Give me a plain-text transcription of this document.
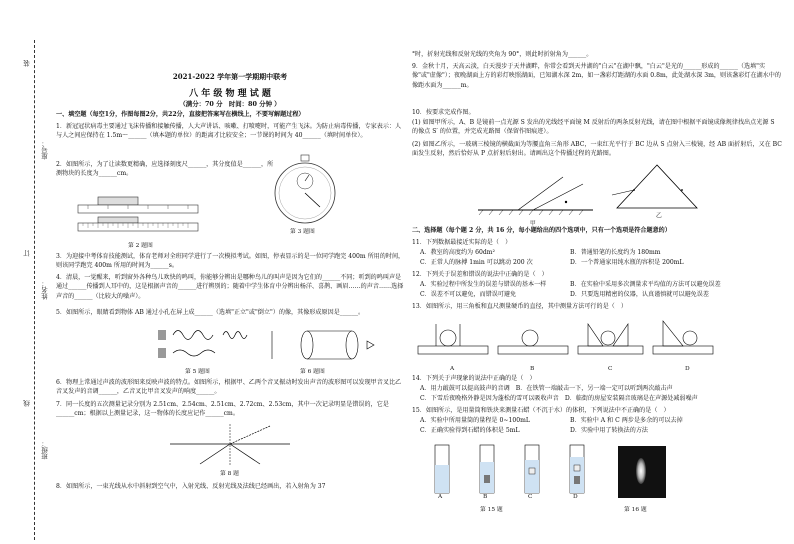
装
订
线
座号：
姓名：
班级：
2021-2022 学年第一学期期中联考
八 年 级 物 理 试 题
（满分：70 分　时间：80 分钟 ）
一、填空题（每空1分，作图每图2分，共22分，直接把答案写在横线上，不要写解题过程）
1．新冠冠状病毒主要通过飞沫传播和接触传播，人大声讲话、咳嗽、打喷嚏时，可能产生飞沫。为防止病毒传播，专家表示：人与人之间应保持在 1.5m～______（填本题的单位）的距离才比较安全；一节课的时间为 40______（填时间单位）。
2．如图所示，为了让读数更精确，应选择刻度尺______，其分度值是______，所测物块的长度为______cm。
第 2 题图
第 3 题图
3．为迎接中考体育技能测试，体育老师对全班同学进行了一次模拟考试。如图，停表显示的是一位同学跑完 400m 所用的时间，则该同学跑完 400m 所用的时间为______s。
4．清晨，一觉醒来，听到窗外各种鸟儿欢快的鸣叫，你能够分辨出是哪种鸟儿的叫声是因为它们的______不同；听到的鸣叫声是通过______传播到人耳中的，这是根据声音的______进行辨别的；随着中学生体育中分辨出杨洋、喜鹊、画眉……的声音……选择声音的______（比较大的噪声）。
5．如图所示，眼睛看到物体 AB 通过小孔在屏上成______（选填"正立"或"倒立"）的像，其像形成原因是______。
第 5 题图	第 6 题图
6．物理上常通过声波的波形图来反映声波的特点。如图所示，根据甲、乙两个音叉振动时发出声音的波形图可以发现甲音叉比乙音叉发声的音调______，乙音叉比甲音叉发声的响度______。
7．同一长度的五次测量记录分别为 2.51cm、2.54cm、2.51cm、2.72cm、2.53cm，其中一次记录明显是错误的，它是______cm；根据以上测量记录，这一物体的长度应记作______cm。
第 8 题
8．如图所示，一束光线从水中斜射到空气中，入射光线、反射光线及法线已经画出，若入射角为 37
°时，折射光线和反射光线的夹角为 90°，则此时折射角为______。
9．金秋十月，天高云淡，白天漫步于天井湖畔，你常会看到天井湖的"白云"在湖中飘，"白云"是光的______形成的______（选填"实像"或"虚像"）；夜晚湖面上方的彩灯映照湖面，已知湖水深 2m，如一盏彩灯距湖的水面 0.8m，此处湖水深 3m，则该盏彩灯在湖水中的像距水面为______m。
10．按要求完成作图。
(1) 如图甲所示，A、B 是镜前一点光源 S 发出的光线经平面镜 M 反射后的两条反射光线，请在图中根据平面镜成像规律找出点光源 S 的像点 S′ 的位置，并完成光路图（保留作图痕迹）。
(2) 如图乙所示，一玻璃三棱镜的横截面为等腰直角三角形 ABC，一束红光平行于 BC 边从 S 点射入三棱镜，经 AB 面折射后，又在 BC 面发生反射，然后恰好从 P 点折射后射出。请画出这个传播过程的光路图。
甲
乙
二、选择题（每个题 2 分，共 16 分，每小题给出的四个选项中，只有一个选项是符合题意的）
11．下列数据最接近实际的是（　）
A．教室的高度约为 60dm²	B．普通铅笔的长度约为 180mm
C．正常人的脉搏 1min 可以跳动 200 次	D．一个普通家用纯水瓶的容积是 200mL
12．下列关于误差和错误的说法中正确的是（　）
A．实验过程中所发生的误差与错误的基本一样	B．在实验中采用多次测量求平均值的方法可以避免误差
C．误差不可以避免，而错误可避免	D．只要选用精密的仪器，认真谨慎就可以避免误差
13．如图所示，用三角板和直尺测量硬币的直径，其中测量方法可行的是（　）
A	B	C	D
14．下列关于声现象的说法中正确的是（　）
A．用力敲鼓可以提高鼓声的音调　B．在铁管一端敲击一下，另一端一定可以听到两次敲击声
C．下雪后夜晚格外静是因为蓬松的雪可以吸收声音　D．临街的房屋安装隔音玻璃是在声源处减弱噪声
15．如图所示，是用量筒和铁块来测量石蜡（不沉于水）的体积，下列说法中不正确的是（　）
A．实验中所用量筒的量程是 0~100mL	B．实验中 A 和 C 两步是多余的可以去掉
C．正确实验得到石蜡的体积是 5mL	D．实验中用了转换法的方法
A	B	C	D
第 15 题	第 16 题
